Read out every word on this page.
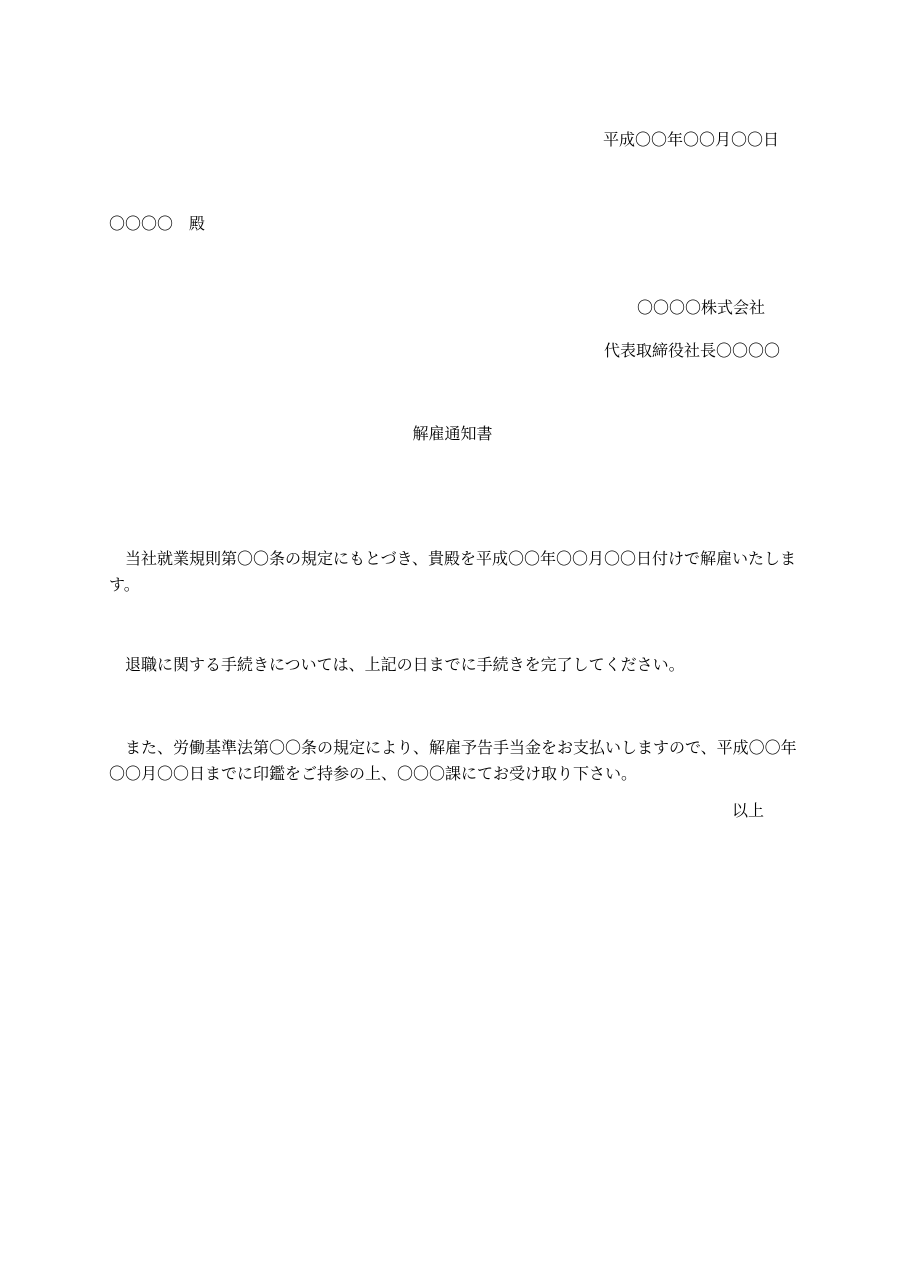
平成〇〇年〇〇月〇〇日
〇〇〇〇　殿
〇〇〇〇株式会社
代表取締役社長〇〇〇〇
解雇通知書
　当社就業規則第〇〇条の規定にもとづき、貴殿を平成〇〇年〇〇月〇〇日付けで解雇いたします。
　退職に関する手続きについては、上記の日までに手続きを完了してください。
　また、労働基準法第〇〇条の規定により、解雇予告手当金をお支払いしますので、平成〇〇年〇〇月〇〇日までに印鑑をご持参の上、〇〇〇課にてお受け取り下さい。
以上
